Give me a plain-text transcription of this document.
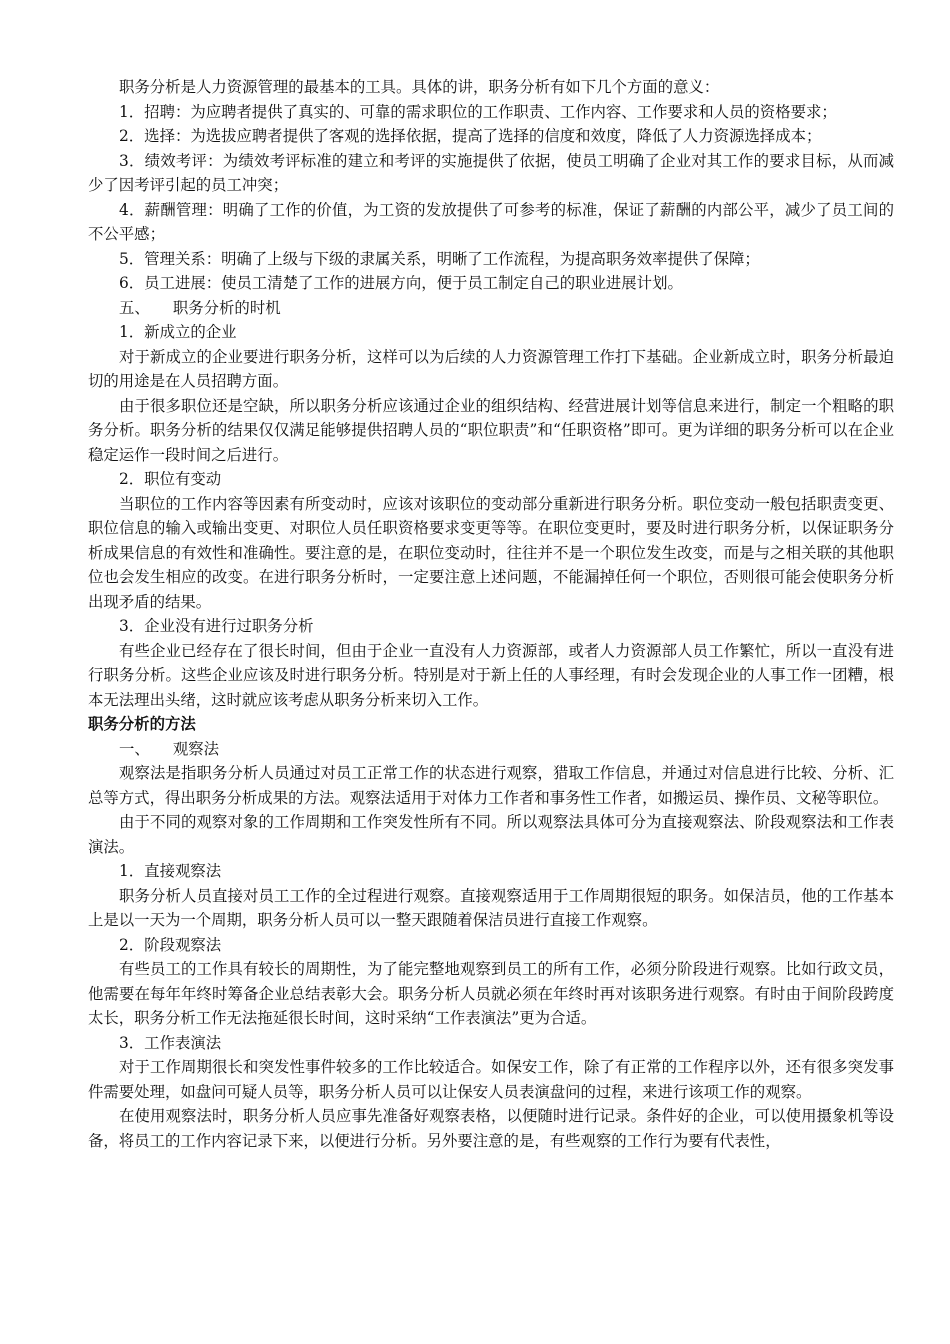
职务分析是人力资源管理的最基本的工具。具体的讲，职务分析有如下几个方面的意义：

1．招聘：为应聘者提供了真实的、可靠的需求职位的工作职责、工作内容、工作要求和人员的资格要求；

2．选择：为选拔应聘者提供了客观的选择依据，提高了选择的信度和效度，降低了人力资源选择成本；

3．绩效考评：为绩效考评标准的建立和考评的实施提供了依据，使员工明确了企业对其工作的要求目标，从而减少了因考评引起的员工冲突；

4．薪酬管理：明确了工作的价值，为工资的发放提供了可参考的标准，保证了薪酬的内部公平，减少了员工间的不公平感；

5．管理关系：明确了上级与下级的隶属关系，明晰了工作流程，为提高职务效率提供了保障；

6．员工进展：使员工清楚了工作的进展方向，便于员工制定自己的职业进展计划。

五、　　职务分析的时机

1．新成立的企业

对于新成立的企业要进行职务分析，这样可以为后续的人力资源管理工作打下基础。企业新成立时，职务分析最迫切的用途是在人员招聘方面。

由于很多职位还是空缺，所以职务分析应该通过企业的组织结构、经营进展计划等信息来进行，制定一个粗略的职务分析。职务分析的结果仅仅满足能够提供招聘人员的“职位职责”和“任职资格”即可。更为详细的职务分析可以在企业稳定运作一段时间之后进行。

2．职位有变动

当职位的工作内容等因素有所变动时，应该对该职位的变动部分重新进行职务分析。职位变动一般包括职责变更、职位信息的输入或输出变更、对职位人员任职资格要求变更等等。在职位变更时，要及时进行职务分析，以保证职务分析成果信息的有效性和准确性。要注意的是，在职位变动时，往往并不是一个职位发生改变，而是与之相关联的其他职位也会发生相应的改变。在进行职务分析时，一定要注意上述问题，不能漏掉任何一个职位，否则很可能会使职务分析出现矛盾的结果。

3．企业没有进行过职务分析

有些企业已经存在了很长时间，但由于企业一直没有人力资源部，或者人力资源部人员工作繁忙，所以一直没有进行职务分析。这些企业应该及时进行职务分析。特别是对于新上任的人事经理，有时会发现企业的人事工作一团糟，根本无法理出头绪，这时就应该考虑从职务分析来切入工作。

职务分析的方法

一、　　观察法

观察法是指职务分析人员通过对员工正常工作的状态进行观察，猎取工作信息，并通过对信息进行比较、分析、汇总等方式，得出职务分析成果的方法。观察法适用于对体力工作者和事务性工作者，如搬运员、操作员、文秘等职位。

由于不同的观察对象的工作周期和工作突发性所有不同。所以观察法具体可分为直接观察法、阶段观察法和工作表演法。

1．直接观察法

职务分析人员直接对员工工作的全过程进行观察。直接观察适用于工作周期很短的职务。如保洁员，他的工作基本上是以一天为一个周期，职务分析人员可以一整天跟随着保洁员进行直接工作观察。

2．阶段观察法

有些员工的工作具有较长的周期性，为了能完整地观察到员工的所有工作，必须分阶段进行观察。比如行政文员，他需要在每年年终时筹备企业总结表彰大会。职务分析人员就必须在年终时再对该职务进行观察。有时由于间阶段跨度太长，职务分析工作无法拖延很长时间，这时采纳“工作表演法”更为合适。

3．工作表演法

对于工作周期很长和突发性事件较多的工作比较适合。如保安工作，除了有正常的工作程序以外，还有很多突发事件需要处理，如盘问可疑人员等，职务分析人员可以让保安人员表演盘问的过程，来进行该项工作的观察。

在使用观察法时，职务分析人员应事先准备好观察表格，以便随时进行记录。条件好的企业，可以使用摄象机等设备，将员工的工作内容记录下来，以便进行分析。另外要注意的是，有些观察的工作行为要有代表性，
